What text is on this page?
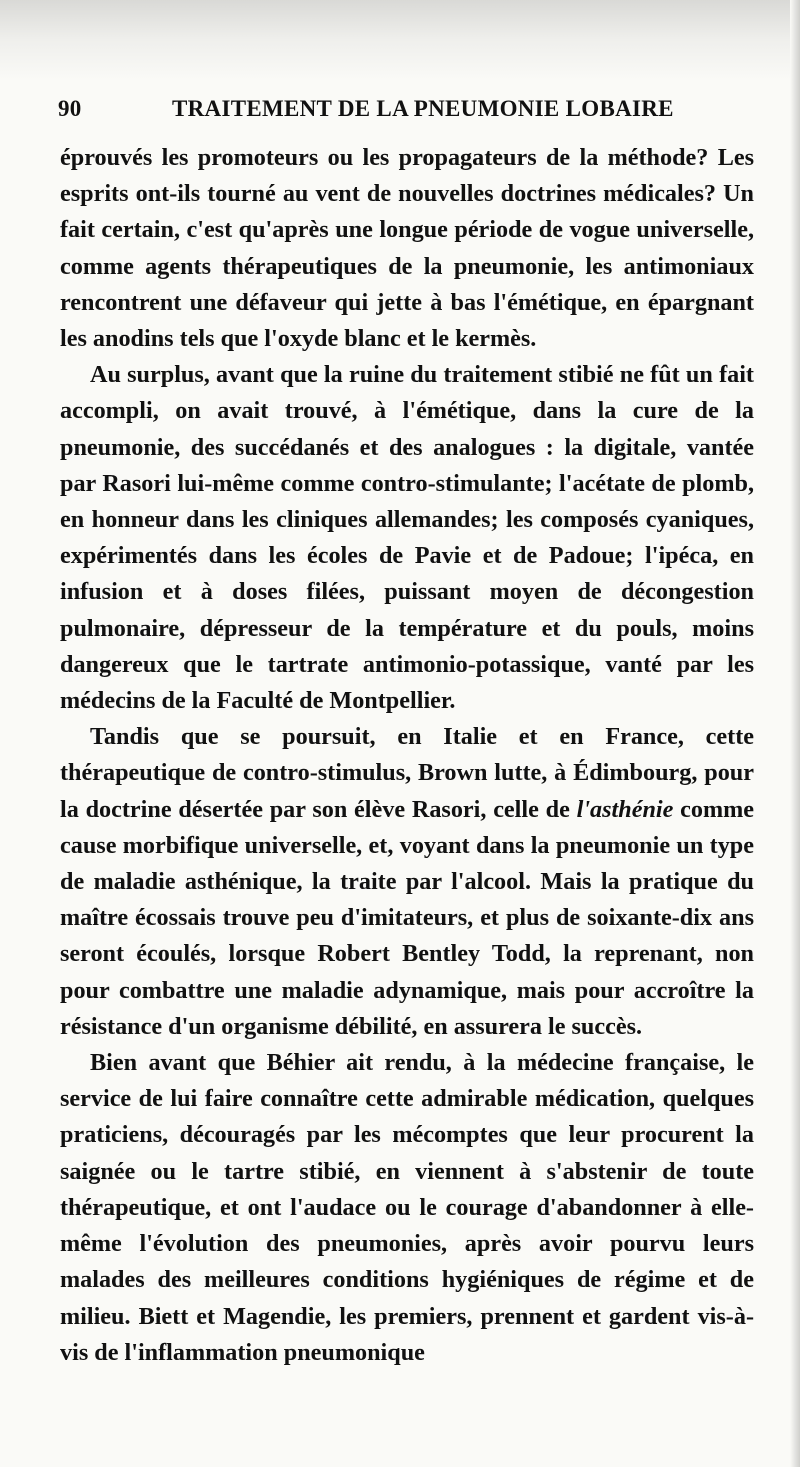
90	TRAITEMENT DE LA PNEUMONIE LOBAIRE

éprouvés les promoteurs ou les propagateurs de la méthode? Les esprits ont-ils tourné au vent de nouvelles doctrines médicales? Un fait certain, c'est qu'après une longue période de vogue universelle, comme agents thérapeutiques de la pneumonie, les antimoniaux rencontrent une défaveur qui jette à bas l'émétique, en épargnant les anodins tels que l'oxyde blanc et le kermès.

Au surplus, avant que la ruine du traitement stibié ne fût un fait accompli, on avait trouvé, à l'émétique, dans la cure de la pneumonie, des succédanés et des analogues : la digitale, vantée par Rasori lui-même comme contro-stimulante; l'acétate de plomb, en honneur dans les cliniques allemandes; les composés cyaniques, expérimentés dans les écoles de Pavie et de Padoue; l'ipéca, en infusion et à doses filées, puissant moyen de décongestion pulmonaire, dépresseur de la température et du pouls, moins dangereux que le tartrate antimonio-potassique, vanté par les médecins de la Faculté de Montpellier.

Tandis que se poursuit, en Italie et en France, cette thérapeutique de contro-stimulus, Brown lutte, à Édimbourg, pour la doctrine désertée par son élève Rasori, celle de l'asthénie comme cause morbifique universelle, et, voyant dans la pneumonie un type de maladie asthénique, la traite par l'alcool. Mais la pratique du maître écossais trouve peu d'imitateurs, et plus de soixante-dix ans seront écoulés, lorsque Robert Bentley Todd, la reprenant, non pour combattre une maladie adynamique, mais pour accroître la résistance d'un organisme débilité, en assurera le succès.

Bien avant que Béhier ait rendu, à la médecine française, le service de lui faire connaître cette admirable médication, quelques praticiens, découragés par les mécomptes que leur procurent la saignée ou le tartre stibié, en viennent à s'abstenir de toute thérapeutique, et ont l'audace ou le courage d'abandonner à elle-même l'évolution des pneumonies, après avoir pourvu leurs malades des meilleures conditions hygiéniques de régime et de milieu. Biett et Magendie, les premiers, prennent et gardent vis-à-vis de l'inflammation pneumonique
